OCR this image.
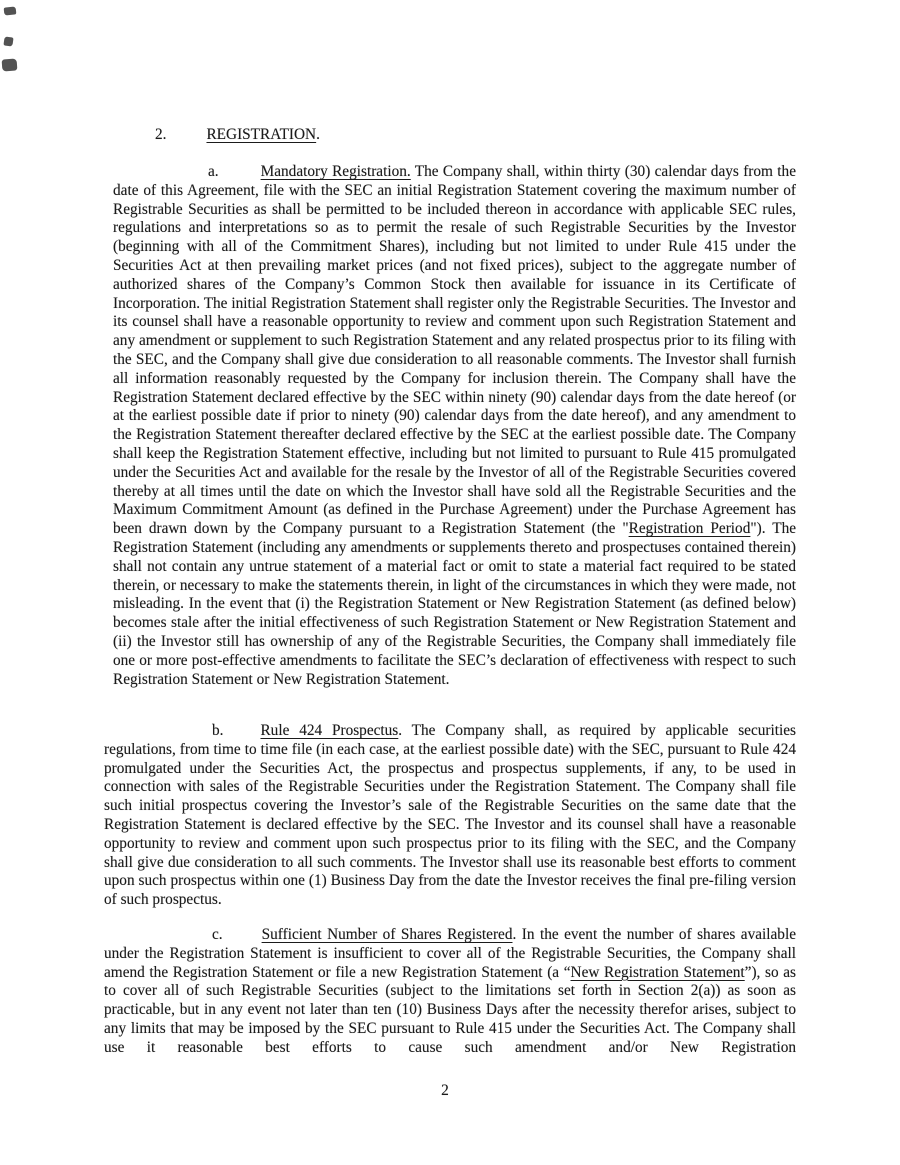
2.	REGISTRATION.
a.	Mandatory Registration. The Company shall, within thirty (30) calendar days from the date of this Agreement, file with the SEC an initial Registration Statement covering the maximum number of Registrable Securities as shall be permitted to be included thereon in accordance with applicable SEC rules, regulations and interpretations so as to permit the resale of such Registrable Securities by the Investor (beginning with all of the Commitment Shares), including but not limited to under Rule 415 under the Securities Act at then prevailing market prices (and not fixed prices), subject to the aggregate number of authorized shares of the Company’s Common Stock then available for issuance in its Certificate of Incorporation. The initial Registration Statement shall register only the Registrable Securities. The Investor and its counsel shall have a reasonable opportunity to review and comment upon such Registration Statement and any amendment or supplement to such Registration Statement and any related prospectus prior to its filing with the SEC, and the Company shall give due consideration to all reasonable comments. The Investor shall furnish all information reasonably requested by the Company for inclusion therein. The Company shall have the Registration Statement declared effective by the SEC within ninety (90) calendar days from the date hereof (or at the earliest possible date if prior to ninety (90) calendar days from the date hereof), and any amendment to the Registration Statement thereafter declared effective by the SEC at the earliest possible date. The Company shall keep the Registration Statement effective, including but not limited to pursuant to Rule 415 promulgated under the Securities Act and available for the resale by the Investor of all of the Registrable Securities covered thereby at all times until the date on which the Investor shall have sold all the Registrable Securities and the Maximum Commitment Amount (as defined in the Purchase Agreement) under the Purchase Agreement has been drawn down by the Company pursuant to a Registration Statement (the "Registration Period"). The Registration Statement (including any amendments or supplements thereto and prospectuses contained therein) shall not contain any untrue statement of a material fact or omit to state a material fact required to be stated therein, or necessary to make the statements therein, in light of the circumstances in which they were made, not misleading. In the event that (i) the Registration Statement or New Registration Statement (as defined below) becomes stale after the initial effectiveness of such Registration Statement or New Registration Statement and (ii) the Investor still has ownership of any of the Registrable Securities, the Company shall immediately file one or more post-effective amendments to facilitate the SEC’s declaration of effectiveness with respect to such Registration Statement or New Registration Statement.
b. Rule 424 Prospectus. The Company shall, as required by applicable securities regulations, from time to time file (in each case, at the earliest possible date) with the SEC, pursuant to Rule 424 promulgated under the Securities Act, the prospectus and prospectus supplements, if any, to be used in connection with sales of the Registrable Securities under the Registration Statement. The Company shall file such initial prospectus covering the Investor’s sale of the Registrable Securities on the same date that the Registration Statement is declared effective by the SEC. The Investor and its counsel shall have a reasonable opportunity to review and comment upon such prospectus prior to its filing with the SEC, and the Company shall give due consideration to all such comments. The Investor shall use its reasonable best efforts to comment upon such prospectus within one (1) Business Day from the date the Investor receives the final pre-filing version of such prospectus.
c.	Sufficient Number of Shares Registered. In the event the number of shares available under the Registration Statement is insufficient to cover all of the Registrable Securities, the Company shall amend the Registration Statement or file a new Registration Statement (a “New Registration Statement”), so as to cover all of such Registrable Securities (subject to the limitations set forth in Section 2(a)) as soon as practicable, but in any event not later than ten (10) Business Days after the necessity therefor arises, subject to any limits that may be imposed by the SEC pursuant to Rule 415 under the Securities Act. The Company shall use it reasonable best efforts to cause such amendment and/or New Registration
2
